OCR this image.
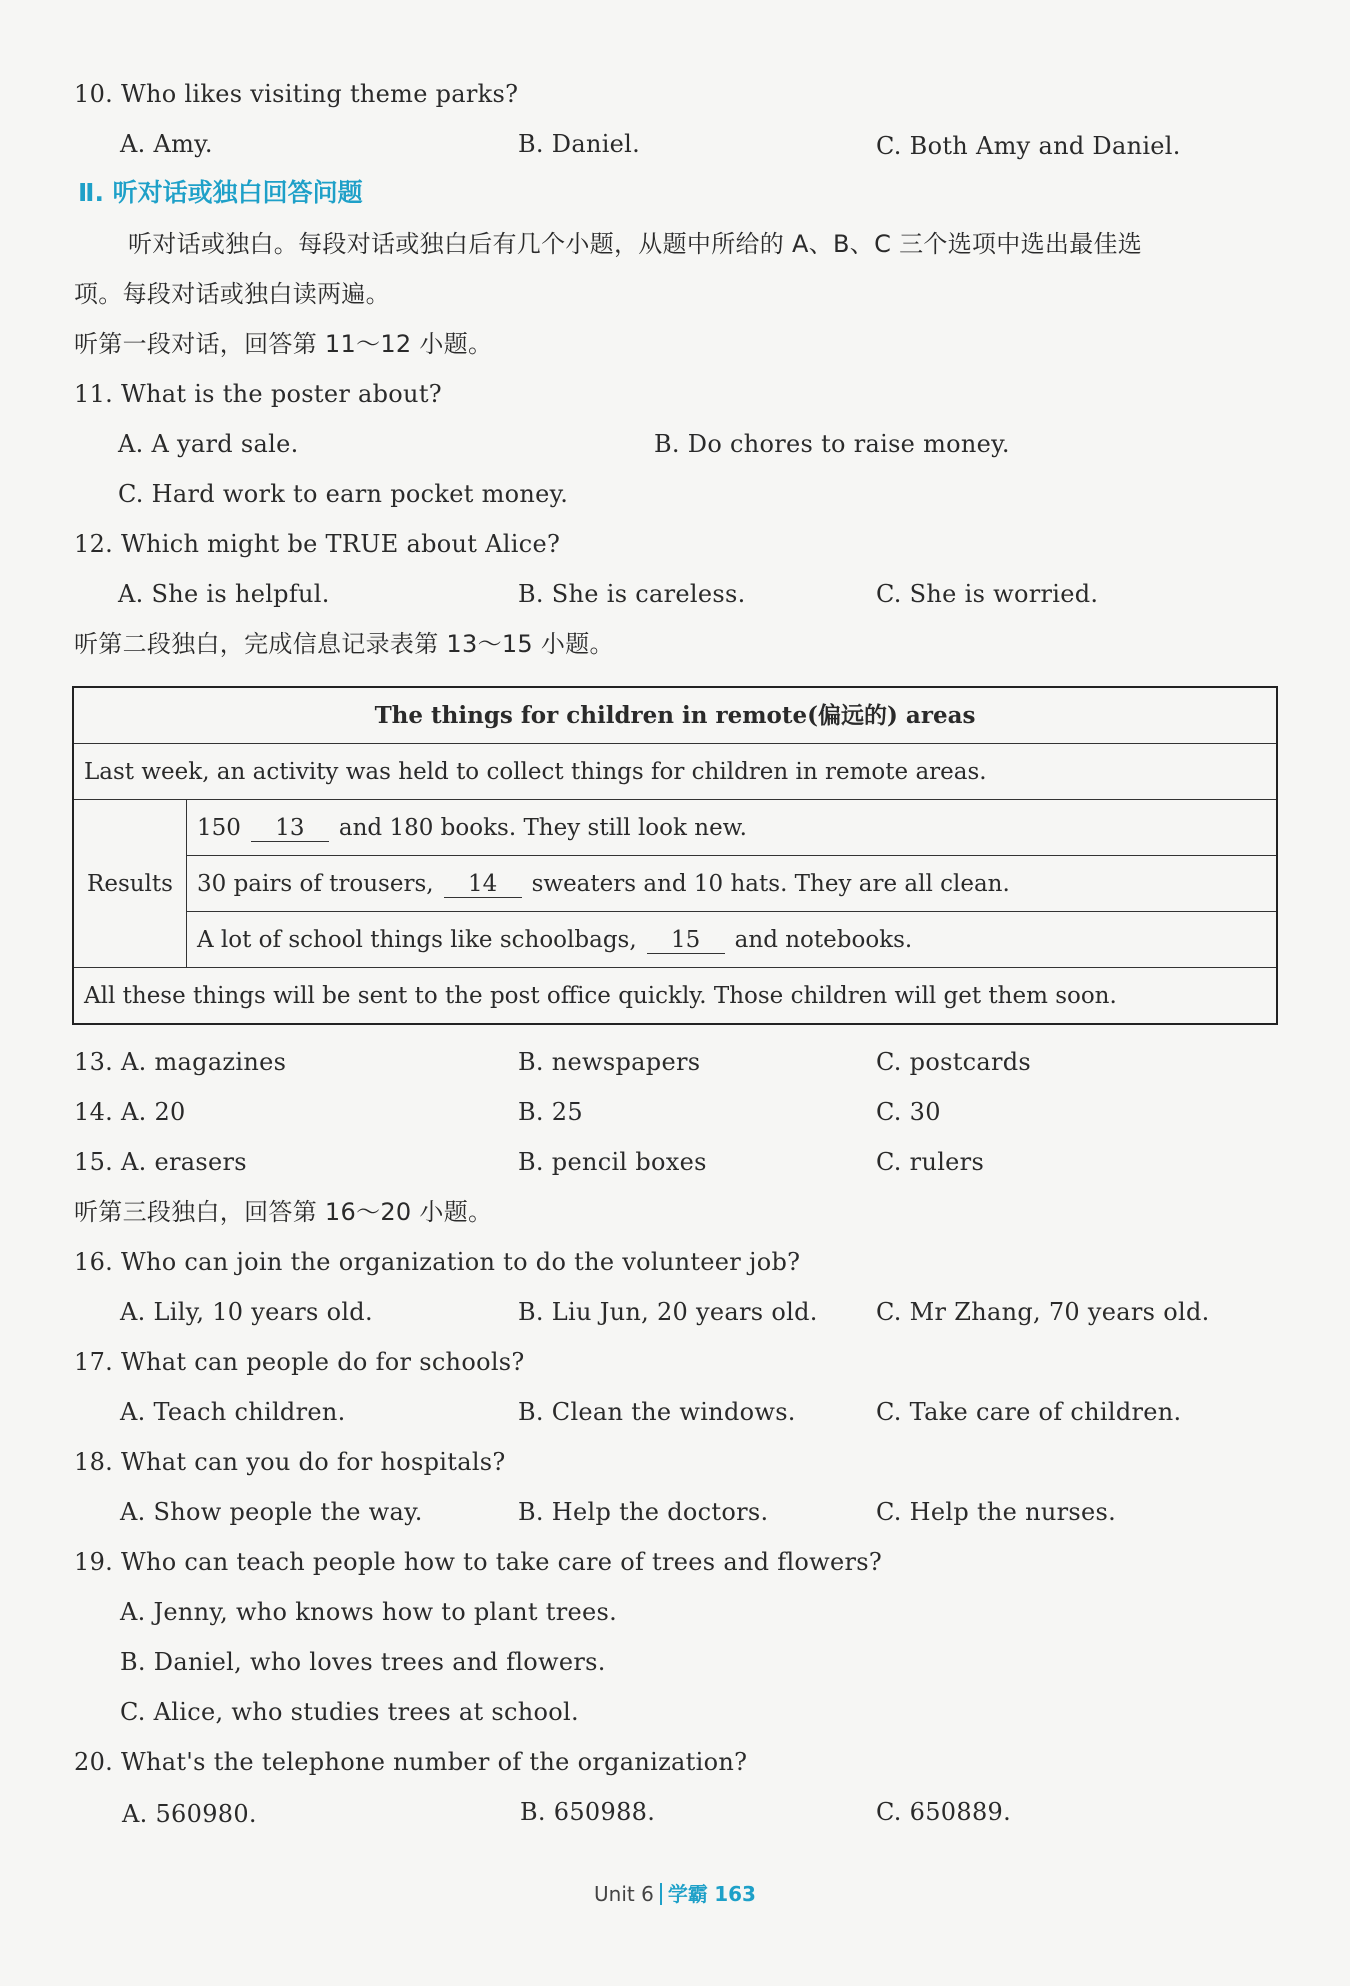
10. Who likes visiting theme parks?
A. Amy.	B. Daniel.	C. Both Amy and Daniel.
Ⅱ. 听对话或独白回答问题
听对话或独白。每段对话或独白后有几个小题，从题中所给的 A、B、C 三个选项中选出最佳选
项。每段对话或独白读两遍。
听第一段对话，回答第 11～12 小题。
11. What is the poster about?
A. A yard sale.	B. Do chores to raise money.
C. Hard work to earn pocket money.
12. Which might be TRUE about Alice?
A. She is helpful.	B. She is careless.	C. She is worried.
听第二段独白，完成信息记录表第 13～15 小题。
The things for children in remote(偏远的) areas
Last week, an activity was held to collect things for children in remote areas.
Results	150 13 and 180 books. They still look new.
30 pairs of trousers, 14 sweaters and 10 hats. They are all clean.
A lot of school things like schoolbags, 15 and notebooks.
All these things will be sent to the post office quickly. Those children will get them soon.
13. A. magazines	B. newspapers	C. postcards
14. A. 20	B. 25	C. 30
15. A. erasers	B. pencil boxes	C. rulers
听第三段独白，回答第 16～20 小题。
16. Who can join the organization to do the volunteer job?
A. Lily, 10 years old.	B. Liu Jun, 20 years old. C. Mr Zhang, 70 years old.
17. What can people do for schools?
A. Teach children.	B. Clean the windows.	C. Take care of children.
18. What can you do for hospitals?
A. Show people the way.	B. Help the doctors.	C. Help the nurses.
19. Who can teach people how to take care of trees and flowers?
A. Jenny, who knows how to plant trees.
B. Daniel, who loves trees and flowers.
C. Alice, who studies trees at school.
20. What's the telephone number of the organization?
A. 560980.	B. 650988.	C. 650889.
Unit 6 学霸 163
